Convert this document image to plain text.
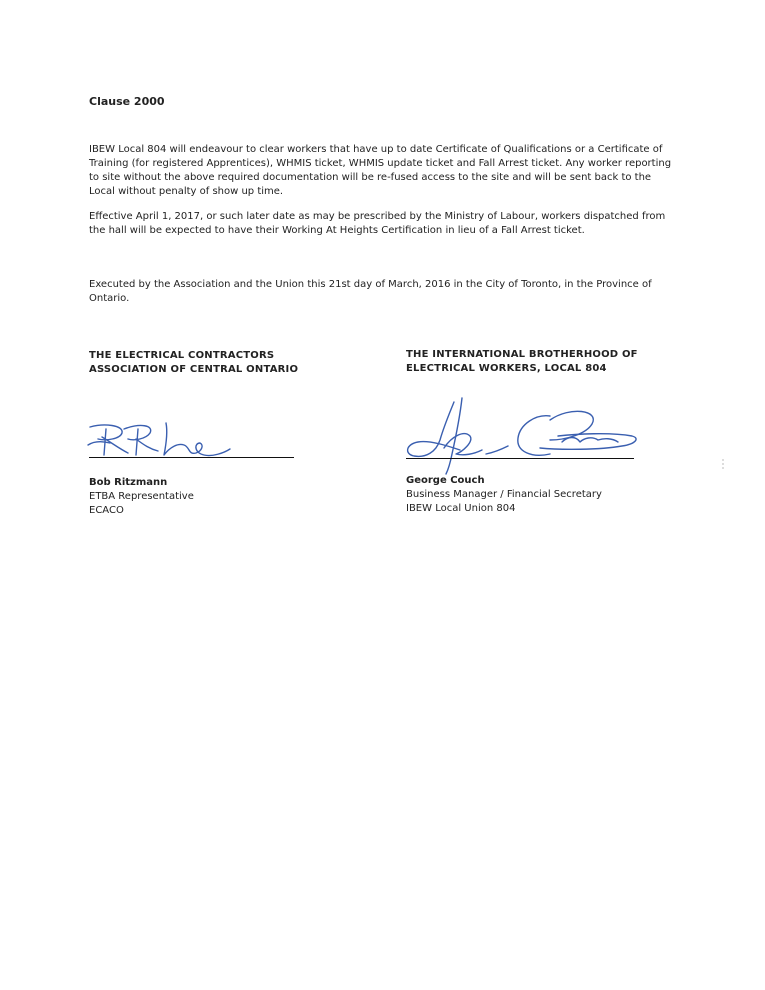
Clause 2000

IBEW Local 804 will endeavour to clear workers that have up to date Certificate of Qualifications or a Certificate of Training (for registered Apprentices), WHMIS ticket, WHMIS update ticket and Fall Arrest ticket. Any worker reporting to site without the above required documentation will be re-fused access to the site and will be sent back to the Local without penalty of show up time.

Effective April 1, 2017, or such later date as may be prescribed by the Ministry of Labour, workers dispatched from the hall will be expected to have their Working At Heights Certification in lieu of a Fall Arrest ticket.

Executed by the Association and the Union this 21st day of March, 2016 in the City of Toronto, in the Province of Ontario.

THE ELECTRICAL CONTRACTORS ASSOCIATION OF CENTRAL ONTARIO
Bob Ritzmann
ETBA Representative
ECACO
THE INTERNATIONAL BROTHERHOOD OF ELECTRICAL WORKERS, LOCAL 804
George Couch
Business Manager / Financial Secretary
IBEW Local Union 804
